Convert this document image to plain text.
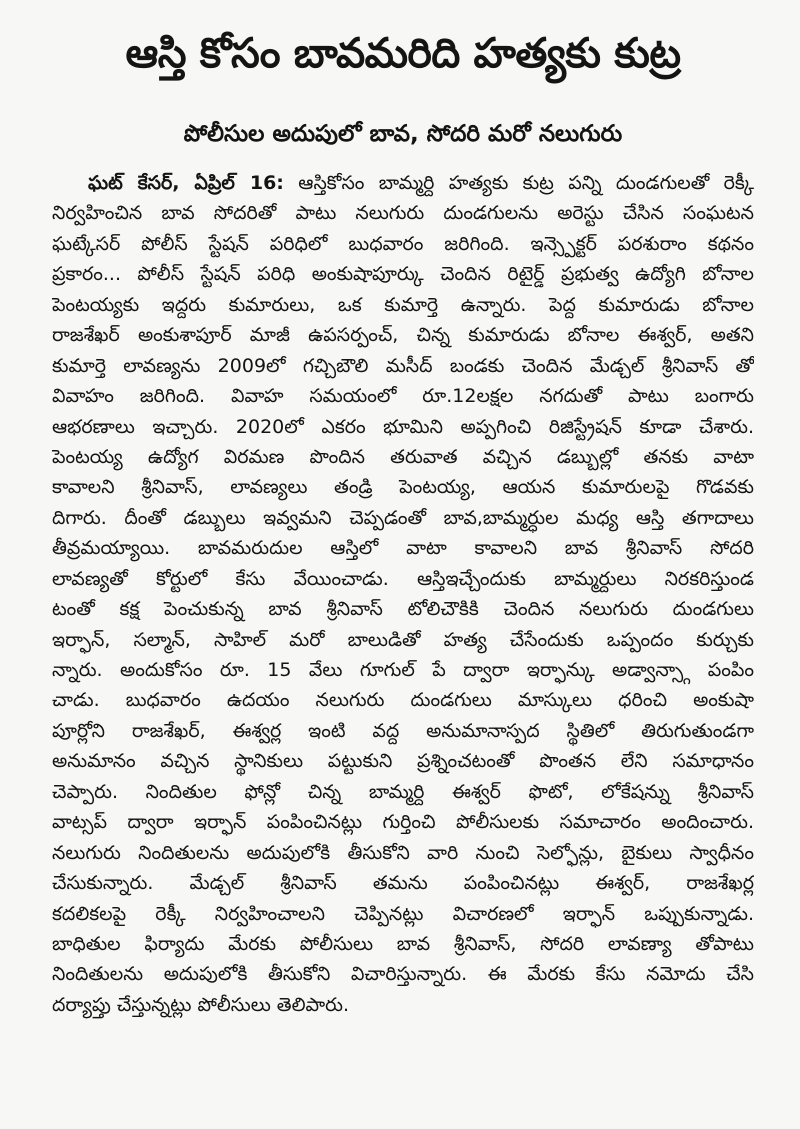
ఆస్తి కోసం బావమరిది హత్యకు కుట్ర
పోలీసుల అదుపులో బావ, సోదరి మరో నలుగురు
ఘట్ కేసర్, ఏప్రిల్ 16: ఆస్తికోసం బామ్మర్ది హత్యకు కుట్ర పన్ని దుండగులతో రెక్కీ
నిర్వహించిన బావ సోదరితో పాటు నలుగురు దుండగులను అరెస్టు చేసిన సంఘటన
ఘట్కేసర్ పోలీస్ స్టేషన్ పరిధిలో బుధవారం జరిగింది. ఇన్స్పెక్టర్ పరశురాం కథనం
ప్రకారం... పోలీస్ స్టేషన్ పరిధి అంకుషాపూర్కు చెందిన రిటైర్డ్ ప్రభుత్వ ఉద్యోగి బోనాల
పెంటయ్యకు ఇద్దరు కుమారులు, ఒక కుమార్తె ఉన్నారు. పెద్ద కుమారుడు బోనాల
రాజశేఖర్ అంకుశాపూర్ మాజీ ఉపసర్పంచ్, చిన్న కుమారుడు బోనాల ఈశ్వర్, అతని
కుమార్తె లావణ్యను 2009లో గచ్చిబౌలి మసీద్ బండకు చెందిన మేడ్చల్ శ్రీనివాస్ తో
వివాహం జరిగింది. వివాహ సమయంలో రూ.12లక్షల నగదుతో పాటు బంగారు
ఆభరణాలు ఇచ్చారు. 2020లో ఎకరం భూమిని అప్పగించి రిజిస్ట్రేషన్ కూడా చేశారు.
పెంటయ్య ఉద్యోగ విరమణ పొందిన తరువాత వచ్చిన డబ్బుల్లో తనకు వాటా
కావాలని శ్రీనివాస్, లావణ్యలు తండ్రి పెంటయ్య, ఆయన కుమారులపై గొడవకు
దిగారు. దీంతో డబ్బులు ఇవ్వమని చెప్పడంతో బావ,బామ్మర్ధుల మధ్య ఆస్తి తగాదాలు
తీవ్రమయ్యాయి. బావమరుదుల ఆస్తిలో వాటా కావాలని బావ శ్రీనివాస్ సోదరి
లావణ్యతో కోర్టులో కేసు వేయించాడు. ఆస్తిఇచ్చేందుకు బామ్మర్దులు నిరకరిస్తుండ
టంతో కక్ష పెంచుకున్న బావ శ్రీనివాస్ టోలిచౌకికి చెందిన నలుగురు దుండగులు
ఇర్ఫాన్, సల్మాన్, సాహిల్ మరో బాలుడితో హత్య చేసేందుకు ఒప్పందం కుర్చుకు
న్నారు. అందుకోసం రూ. 15 వేలు గూగుల్ పే ద్వారా ఇర్ఫాన్కు అడ్వాన్స్గా పంపిం
చాడు. బుధవారం ఉదయం నలుగురు దుండగులు మాస్కులు ధరించి అంకుషా
పూర్లోని రాజశేఖర్, ఈశ్వర్ల ఇంటి వద్ద అనుమానాస్పద స్థితిలో తిరుగుతుండగా
అనుమానం వచ్చిన స్థానికులు పట్టుకుని ప్రశ్నించటంతో పొంతన లేని సమాధానం
చెప్పారు. నిందితుల ఫోన్లో చిన్న బామ్మర్ది ఈశ్వర్ ఫొటో, లోకేషన్ను శ్రీనివాస్
వాట్సప్ ద్వారా ఇర్ఫాన్ పంపించినట్లు గుర్తించి పోలీసులకు సమాచారం అందించారు.
నలుగురు నిందితులను అదుపులోకి తీసుకోని వారి నుంచి సెల్ఫోన్లు, బైకులు స్వాధీనం
చేసుకున్నారు. మేడ్చల్ శ్రీనివాస్ తమను పంపించినట్లు ఈశ్వర్, రాజశేఖర్ల
కదలికలపై రెక్కీ నిర్వహించాలని చెప్పినట్లు విచారణలో ఇర్ఫాన్ ఒప్పుకున్నాడు.
బాధితుల ఫిర్యాదు మేరకు పోలీసులు బావ శ్రీనివాస్, సోదరి లావణ్యా తోపాటు
నిందితులను అదుపులోకి తీసుకోని విచారిస్తున్నారు. ఈ మేరకు కేసు నమోదు చేసి
దర్యాప్తు చేస్తున్నట్లు పోలీసులు తెలిపారు.
